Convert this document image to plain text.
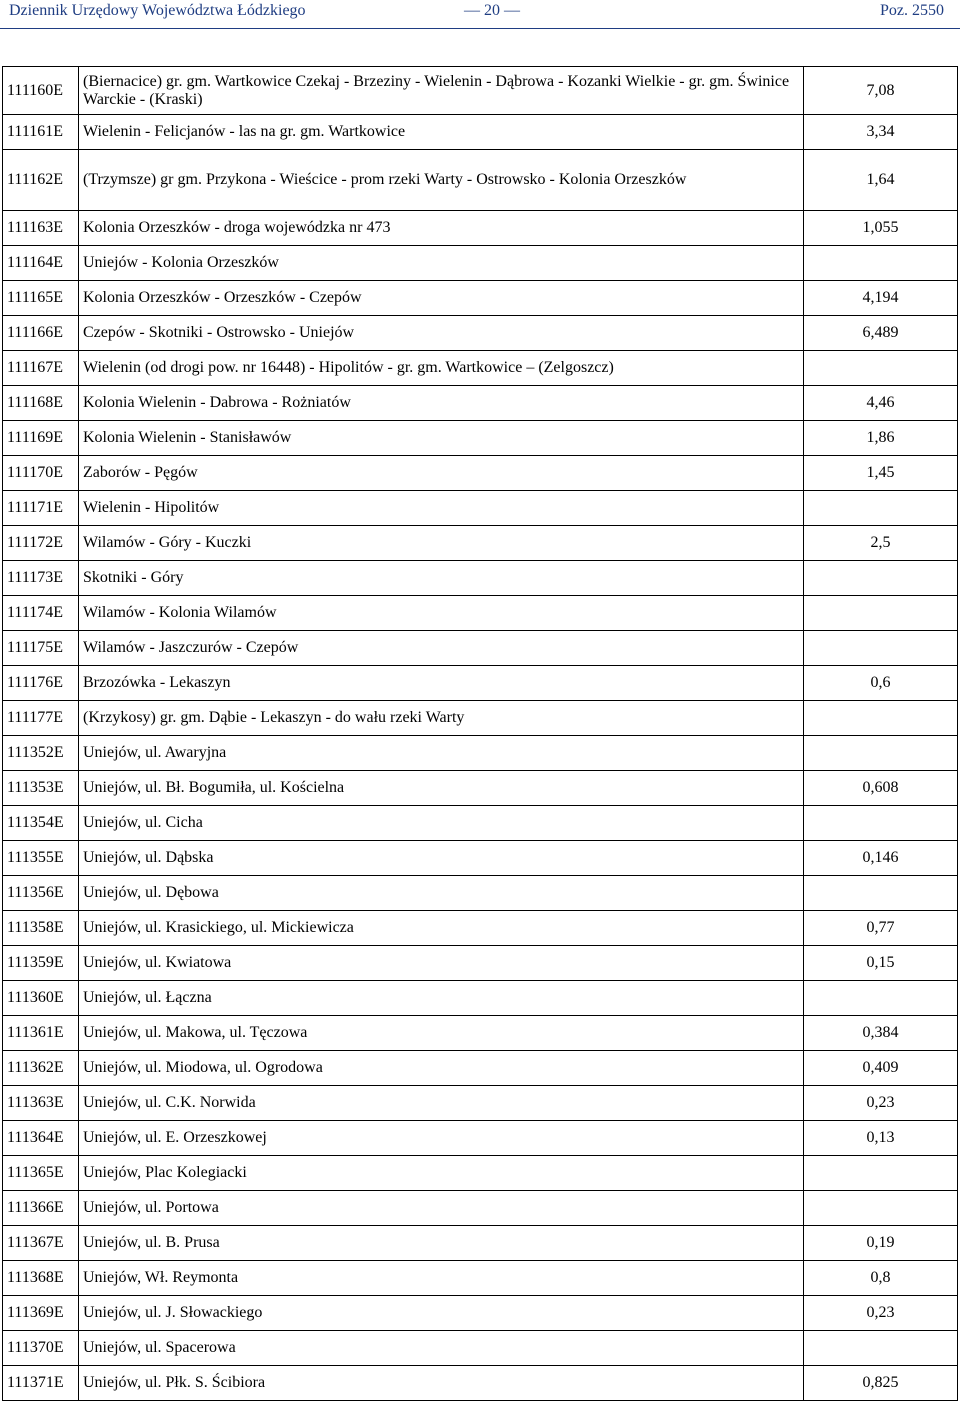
Dziennik Urzędowy Województwa Łódzkiego	— 20 —	Poz. 2550
111160E	(Biernacice) gr. gm. Wartkowice Czekaj - Brzeziny - Wielenin - Dąbrowa - Kozanki Wielkie - gr. gm. Świnice Warckie - (Kraski)	7,08
111161E	Wielenin - Felicjanów - las na gr. gm. Wartkowice	3,34
111162E	(Trzymsze) gr gm. Przykona - Wieścice - prom rzeki Warty - Ostrowsko - Kolonia Orzeszków	1,64
111163E	Kolonia Orzeszków - droga wojewódzka nr 473	1,055
111164E	Uniejów - Kolonia Orzeszków	
111165E	Kolonia Orzeszków - Orzeszków - Czepów	4,194
111166E	Czepów - Skotniki - Ostrowsko - Uniejów	6,489
111167E	Wielenin (od drogi pow. nr 16448) - Hipolitów - gr. gm. Wartkowice – (Zelgoszcz)	
111168E	Kolonia Wielenin - Dabrowa - Rożniatów	4,46
111169E	Kolonia Wielenin - Stanisławów	1,86
111170E	Zaborów - Pęgów	1,45
111171E	Wielenin - Hipolitów	
111172E	Wilamów - Góry - Kuczki	2,5
111173E	Skotniki - Góry	
111174E	Wilamów - Kolonia Wilamów	
111175E	Wilamów - Jaszczurów - Czepów	
111176E	Brzozówka - Lekaszyn	0,6
111177E	(Krzykosy) gr. gm. Dąbie - Lekaszyn - do wału rzeki Warty	
111352E	Uniejów, ul. Awaryjna	
111353E	Uniejów, ul. Bł. Bogumiła, ul. Kościelna	0,608
111354E	Uniejów, ul. Cicha	
111355E	Uniejów, ul. Dąbska	0,146
111356E	Uniejów, ul. Dębowa	
111358E	Uniejów, ul. Krasickiego, ul. Mickiewicza	0,77
111359E	Uniejów, ul. Kwiatowa	0,15
111360E	Uniejów, ul. Łączna	
111361E	Uniejów, ul. Makowa, ul. Tęczowa	0,384
111362E	Uniejów, ul. Miodowa, ul. Ogrodowa	0,409
111363E	Uniejów, ul. C.K. Norwida	0,23
111364E	Uniejów, ul. E. Orzeszkowej	0,13
111365E	Uniejów, Plac Kolegiacki	
111366E	Uniejów, ul. Portowa	
111367E	Uniejów, ul. B. Prusa	0,19
111368E	Uniejów, Wł. Reymonta	0,8
111369E	Uniejów, ul. J. Słowackiego	0,23
111370E	Uniejów, ul. Spacerowa	
111371E	Uniejów, ul. Płk. S. Ścibiora	0,825
